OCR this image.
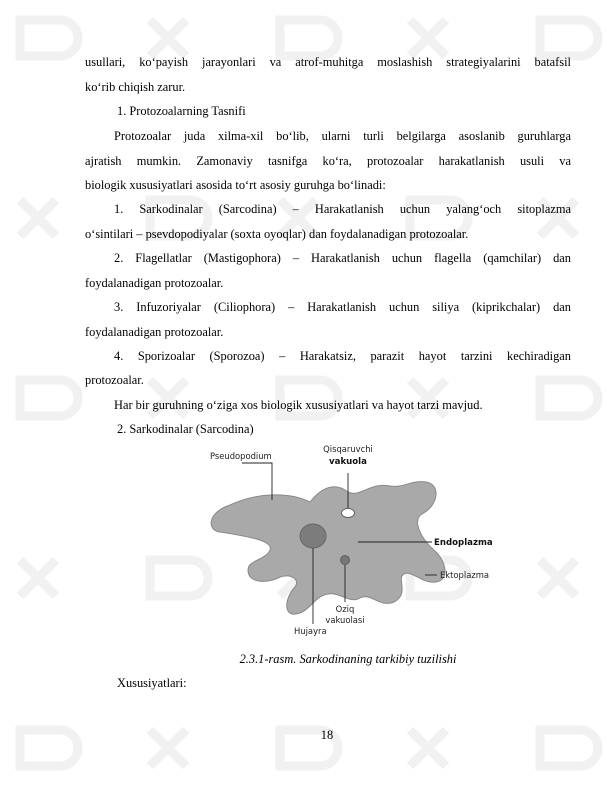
usullari, ko‘payish jarayonlari va atrof-muhitga moslashish strategiyalarini batafsil
ko‘rib chiqish zarur.
1. Protozoalarning Tasnifi
Protozoalar juda xilma-xil bo‘lib, ularni turli belgilarga asoslanib guruhlarga
ajratish mumkin. Zamonaviy tasnifga ko‘ra, protozoalar harakatlanish usuli va
biologik xususiyatlari asosida to‘rt asosiy guruhga bo‘linadi:
1. Sarkodinalar (Sarcodina) – Harakatlanish uchun yalang‘och sitoplazma
o‘sintilari – psevdopodiyalar (soxta oyoqlar) dan foydalanadigan protozoalar.
2. Flagellatlar (Mastigophora) – Harakatlanish uchun flagella (qamchilar) dan
foydalanadigan protozoalar.
3. Infuzoriyalar (Ciliophora) – Harakatlanish uchun siliya (kiprikchalar) dan
foydalanadigan protozoalar.
4. Sporizoalar (Sporozoa) – Harakatsiz, parazit hayot tarzini kechiradigan
protozoalar.
Har bir guruhning o‘ziga xos biologik xususiyatlari va hayot tarzi mavjud.
2. Sarkodinalar (Sarcodina)
Pseudopodium
Qisqaruvchi
vakuola
Endoplazma
Ektoplazma
Oziq
vakuolasi
Hujayra
2.3.1-rasm. Sarkodinaning tarkibiy tuzilishi
Xususiyatlari:
18
